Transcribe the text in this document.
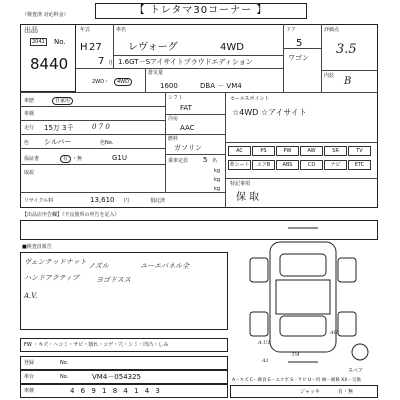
【 トレタマ30コーナー 】
（検査済 対応料金）
出品
2041 No.
8440
年式
H 27
7 月
車名
レヴォーグ	4WD
1.6GT－Sアイサイトプラウドエディション
ドア
5
ワゴン
評価点
3.5
内装 B
2WD・	4WD
排気量
1600	DBA － VM4
車歴	自家用
車検
走行 15万 3千	0 7 0
色 シルバー	色No.
保証書	有 ・無	G1U
取説
シフト
FAT
冷房
AAC
燃料
ガソリン
乗車定員 5 名
kg
kg
kg
セールスポイント
☆4WD ☆アイサイト
AC	PS	PW	AW	SR	TV
革シート	エアB	ABS	CD	ナビ	ETC
特記事項
保 取
リサイクル料	13,610 円	預託済
【出品店申告欄】（不良箇所の申告を記入）
■検査員報告
ヴェンテッドナット ノズル
ハンドアクティブ ヨゴドスス
A.V.
ユーエバネル全
FW ・キズ・ヘコミ・サビ・割れ・コゲ・穴・シミ・凹凸・しみ
登録	No.
車台	No.	VM4－054325
車検	4 6 9 1 8 4 1 4 3
A.U1
U4
A1
AU
スペア
A－キズ C－腐食 E－エクボ S－サビ U－凹 W－補修 XX－交換
ジャッキ	有・無
